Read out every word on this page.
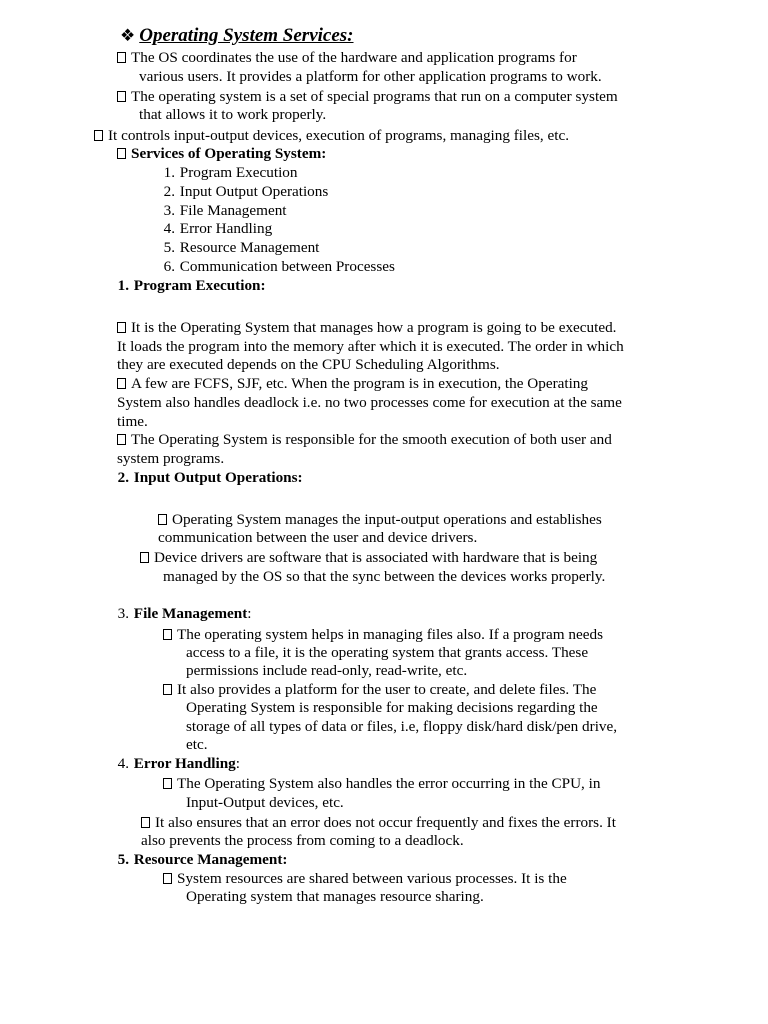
❖ Operating System Services:
The OS coordinates the use of the hardware and application programs for
various users. It provides a platform for other application programs to work.
The operating system is a set of special programs that run on a computer system
that allows it to work properly.
It controls input-output devices, execution of programs, managing files, etc.
Services of Operating System:
1. Program Execution
2. Input Output Operations
3. File Management
4. Error Handling
5. Resource Management
6. Communication between Processes
1. Program Execution:
It is the Operating System that manages how a program is going to be executed.
It loads the program into the memory after which it is executed. The order in which
they are executed depends on the CPU Scheduling Algorithms.
A few are FCFS, SJF, etc. When the program is in execution, the Operating
System also handles deadlock i.e. no two processes come for execution at the same
time.
The Operating System is responsible for the smooth execution of both user and
system programs.
2. Input Output Operations:
Operating System manages the input-output operations and establishes
communication between the user and device drivers.
Device drivers are software that is associated with hardware that is being
managed by the OS so that the sync between the devices works properly.
3. File Management:
The operating system helps in managing files also. If a program needs
access to a file, it is the operating system that grants access. These
permissions include read-only, read-write, etc.
It also provides a platform for the user to create, and delete files. The
Operating System is responsible for making decisions regarding the
storage of all types of data or files, i.e, floppy disk/hard disk/pen drive,
etc.
4. Error Handling:
The Operating System also handles the error occurring in the CPU, in
Input-Output devices, etc.
It also ensures that an error does not occur frequently and fixes the errors. It
also prevents the process from coming to a deadlock.
5. Resource Management:
System resources are shared between various processes. It is the
Operating system that manages resource sharing.
